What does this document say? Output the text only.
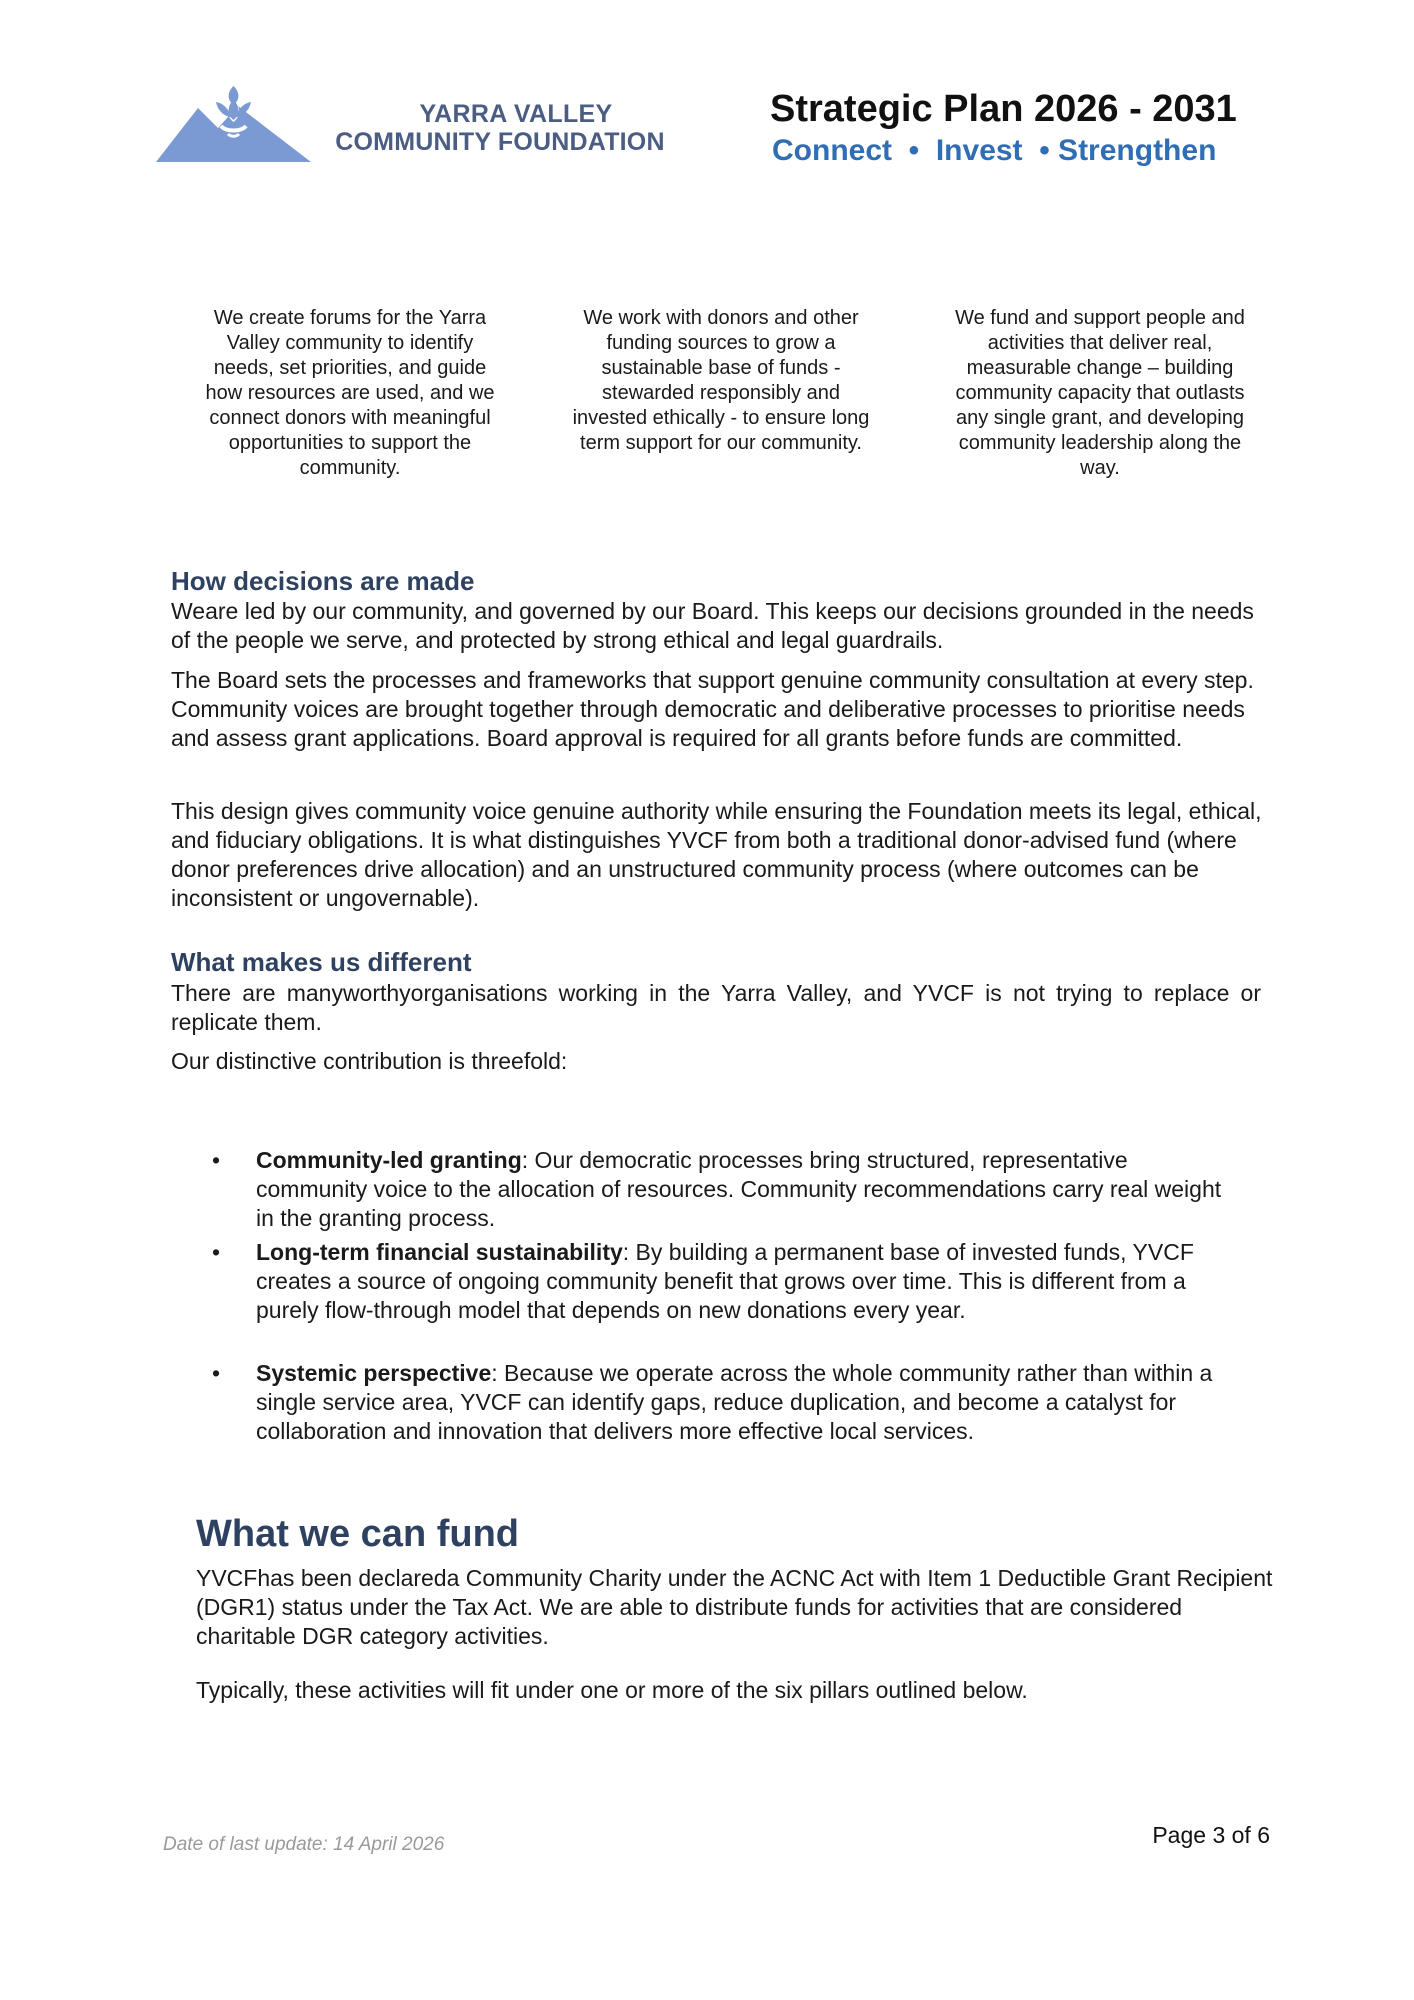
YARRA VALLEY
COMMUNITY FOUNDATION
Strategic Plan 2026 - 2031
Connect  •  Invest  • Strengthen
We create forums for the Yarra Valley community to identify needs, set priorities, and guide how resources are used, and we connect donors with meaningful opportunities to support the community.
We work with donors and other funding sources to grow a sustainable base of funds - stewarded responsibly and invested ethically - to ensure long term support for our community.
We fund and support people and activities that deliver real, measurable change – building community capacity that outlasts any single grant, and developing community leadership along the way.
How decisions are made
Weare led by our community, and governed by our Board. This keeps our decisions grounded in the needs of the people we serve, and protected by strong ethical and legal guardrails.
The Board sets the processes and frameworks that support genuine community consultation at every step. Community voices are brought together through democratic and deliberative processes to prioritise needs and assess grant applications. Board approval is required for all grants before funds are committed.
This design gives community voice genuine authority while ensuring the Foundation meets its legal, ethical, and fiduciary obligations. It is what distinguishes YVCF from both a traditional donor-advised fund (where donor preferences drive allocation) and an unstructured community process (where outcomes can be inconsistent or ungovernable).
What makes us different
There are manyworthyorganisations working in the Yarra Valley, and YVCF is not trying to replace or replicate them.
Our distinctive contribution is threefold:
• Community-led granting: Our democratic processes bring structured, representative community voice to the allocation of resources. Community recommendations carry real weight in the granting process.
• Long-term financial sustainability: By building a permanent base of invested funds, YVCF creates a source of ongoing community benefit that grows over time. This is different from a purely flow-through model that depends on new donations every year.
• Systemic perspective: Because we operate across the whole community rather than within a single service area, YVCF can identify gaps, reduce duplication, and become a catalyst for collaboration and innovation that delivers more effective local services.
What we can fund
YVCFhas been declareda Community Charity under the ACNC Act with Item 1 Deductible Grant Recipient (DGR1) status under the Tax Act. We are able to distribute funds for activities that are considered charitable DGR category activities.
Typically, these activities will fit under one or more of the six pillars outlined below.
Date of last update: 14 April 2026	Page 3 of 6
